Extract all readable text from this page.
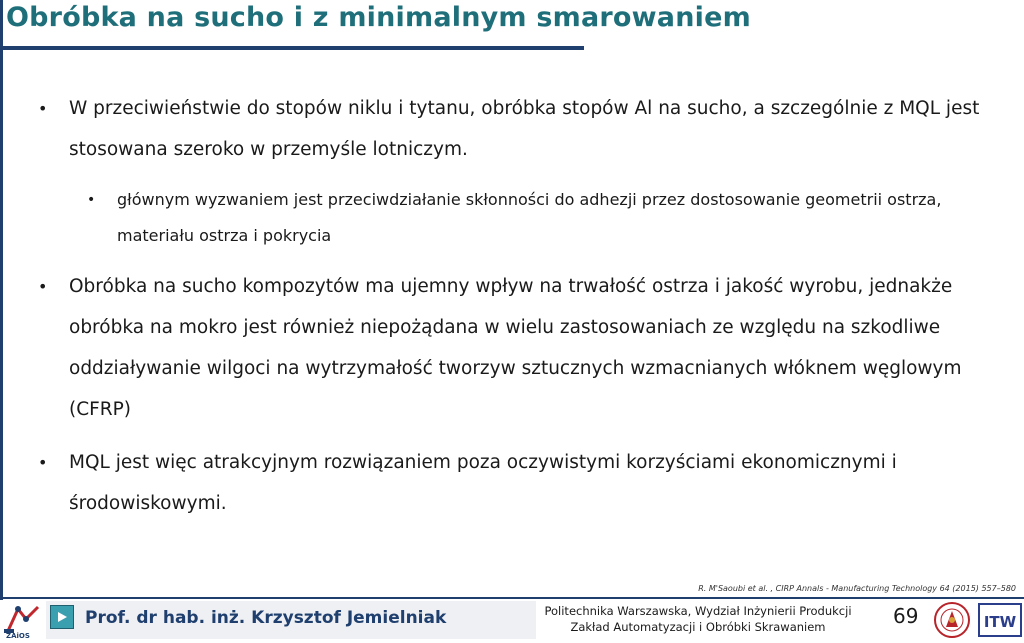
Obróbka na sucho i z minimalnym smarowaniem

• W przeciwieństwie do stopów niklu i tytanu, obróbka stopów Al na sucho, a szczególnie z MQL jest stosowana szeroko w przemyśle lotniczym.

• głównym wyzwaniem jest przeciwdziałanie skłonności do adhezji przez dostosowanie geometrii ostrza, materiału ostrza i pokrycia

• Obróbka na sucho kompozytów ma ujemny wpływ na trwałość ostrza i jakość wyrobu, jednakże obróbka na mokro jest również niepożądana w wielu zastosowaniach ze względu na szkodliwe oddziaływanie wilgoci na wytrzymałość tworzyw sztucznych wzmacnianych włóknem węglowym (CFRP)

• MQL jest więc atrakcyjnym rozwiązaniem poza oczywistymi korzyściami ekonomicznymi i środowiskowymi.

R. M'Saoubi et al. , CIRP Annals - Manufacturing Technology 64 (2015) 557–580
ZAiOS
Prof. dr hab. inż. Krzysztof Jemielniak	Politechnika Warszawska, Wydział Inżynierii Produkcji
Zakład Automatyzacji i Obróbki Skrawaniem	69	ITW
